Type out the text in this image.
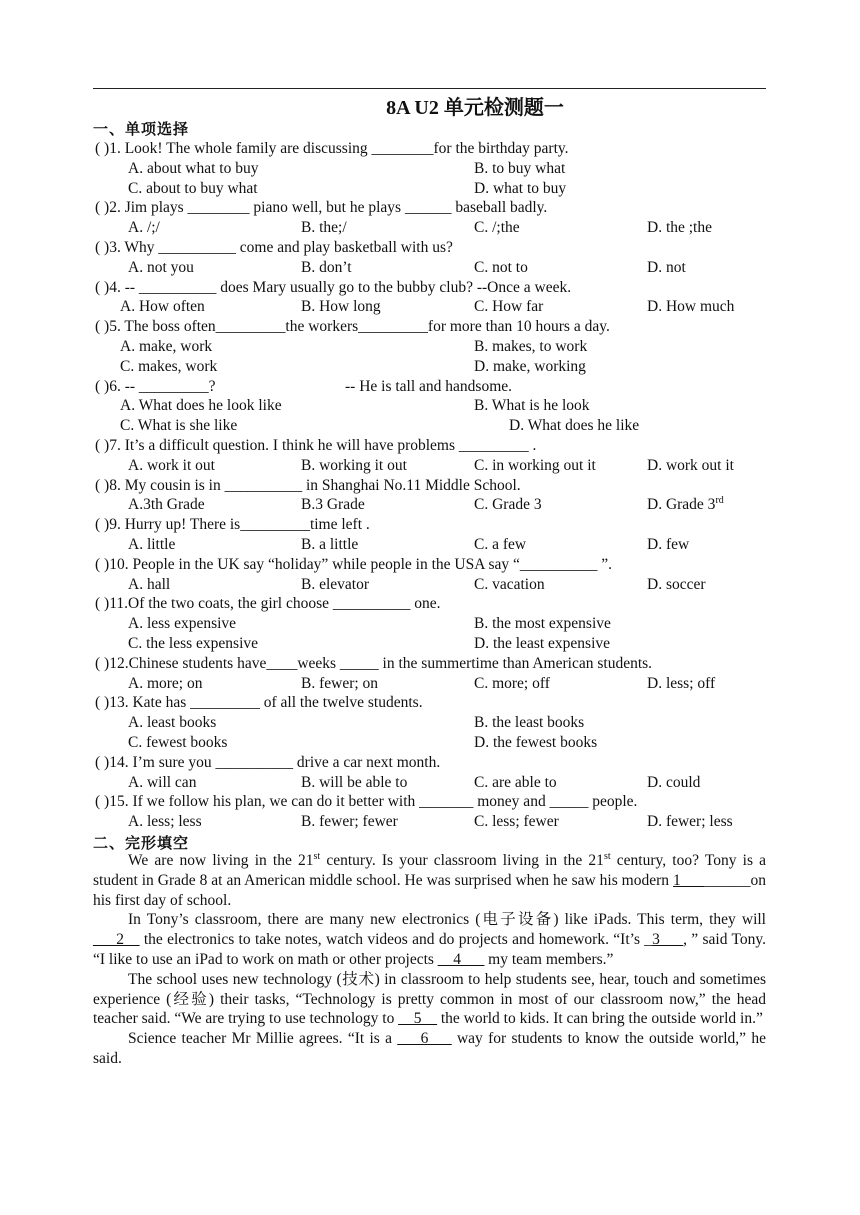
8A U2 单元检测题一
一、单项选择
( )1. Look! The whole family are discussing ________for the birthday party.
A. about what to buy	B. to buy what
C. about to buy what	D. what to buy
( )2. Jim plays ________ piano well, but he plays ______ baseball badly.
A. /;/	B. the;/	C. /;the	D. the ;the
( )3. Why __________ come and play basketball with us?
A. not you	B. don’t	C. not to	D. not
( )4. -- __________ does Mary usually go to the bubby club? --Once a week.
A. How often	B. How long	C. How far	D. How much
( )5. The boss often_________the workers_________for more than 10 hours a day.
A. make, work	B. makes, to work
C. makes, work	D. make, working
( )6. -- _________?	-- He is tall and handsome.
A. What does he look like	B. What is he look
C. What is she like	D. What does he like
( )7. It’s a difficult question. I think he will have problems _________ .
A. work it out	B. working it out	C. in working out it	D. work out it
( )8. My cousin is in __________ in Shanghai No.11 Middle School.
A.3th Grade	B.3 Grade	C. Grade 3	D. Grade 3rd
( )9. Hurry up! There is_________time left .
A. little	B. a little	C. a few	D. few
( )10. People in the UK say “holiday” while people in the USA say “__________ ”.
A. hall	B. elevator	C. vacation	D. soccer
( )11.Of the two coats, the girl choose __________ one.
A. less expensive	B. the most expensive
C. the less expensive	D. the least expensive
( )12.Chinese students have____weeks _____ in the summertime than American students.
A. more; on	B. fewer; on	C. more; off	D. less; off
( )13. Kate has _________ of all the twelve students.
A. least books	B. the least books
C. fewest books	D. the fewest books
( )14. I’m sure you __________ drive a car next month.
A. will can	B. will be able to	C. are able to	D. could
( )15. If we follow his plan, we can do it better with _______ money and _____ people.
A. less; less	B. fewer; fewer	C. less; fewer	D. fewer; less
二、完形填空

We are now living in the 21st century. Is your classroom living in the 21st century, too? Tony is a student in Grade 8 at an American middle school. He was surprised when he saw his modern 1_________on his first day of school.

In Tony’s classroom, there are many new electronics (电子设备) like iPads. This term, they will ___2__ the electronics to take notes, watch videos and do projects and homework. “It’s _3___, ” said Tony. “I like to use an iPad to work on math or other projects __4___ my team members.”

The school uses new technology (技术) in classroom to help students see, hear, touch and sometimes experience (经验) their tasks, “Technology is pretty common in most of our classroom now,” the head teacher said. “We are trying to use technology to __5__ the world to kids. It can bring the outside world in.”

Science teacher Mr Millie agrees. “It is a ___6___ way for students to know the outside world,” he said.
